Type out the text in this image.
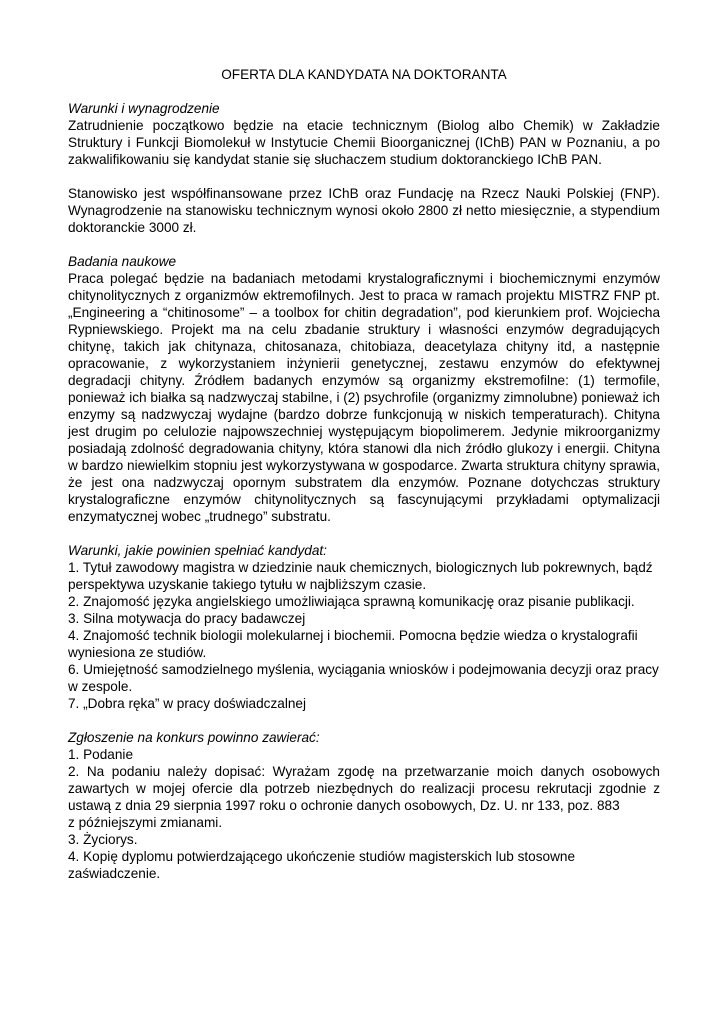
OFERTA DLA KANDYDATA NA DOKTORANTA
Warunki i wynagrodzenie
Zatrudnienie początkowo będzie na etacie technicznym (Biolog albo Chemik) w Zakładzie Struktury i Funkcji Biomolekuł w Instytucie Chemii Bioorganicznej (IChB) PAN w Poznaniu, a po zakwalifikowaniu się kandydat stanie się słuchaczem studium doktoranckiego IChB PAN.
Stanowisko jest współfinansowane przez IChB oraz Fundację na Rzecz Nauki Polskiej (FNP). Wynagrodzenie na stanowisku technicznym wynosi około 2800 zł netto miesięcznie, a stypendium doktoranckie 3000 zł.
Badania naukowe
Praca polegać będzie na badaniach metodami krystalograficznymi i biochemicznymi enzymów chitynolitycznych z organizmów ektremofilnych. Jest to praca w ramach projektu MISTRZ FNP pt. „Engineering a “chitinosome” – a toolbox for chitin degradation”, pod kierunkiem prof. Wojciecha Rypniewskiego. Projekt ma na celu zbadanie struktury i własności enzymów degradujących chitynę, takich jak chitynaza, chitosanaza, chitobiaza, deacetylaza chityny itd, a następnie opracowanie, z wykorzystaniem inżynierii genetycznej, zestawu enzymów do efektywnej degradacji chityny. Źródłem badanych enzymów są organizmy ekstremofilne: (1) termofile, ponieważ ich białka są nadzwyczaj stabilne, i (2) psychrofile (organizmy zimnolubne) ponieważ ich enzymy są nadzwyczaj wydajne (bardzo dobrze funkcjonują w niskich temperaturach). Chityna jest drugim po celulozie najpowszechniej występującym biopolimerem. Jedynie mikroorganizmy posiadają zdolność degradowania chityny, która stanowi dla nich źródło glukozy i energii. Chityna w bardzo niewielkim stopniu jest wykorzystywana w gospodarce. Zwarta struktura chityny sprawia, że jest ona nadzwyczaj opornym substratem dla enzymów. Poznane dotychczas struktury krystalograficzne enzymów chitynolitycznych są fascynującymi przykładami optymalizacji enzymatycznej wobec „trudnego” substratu.
Warunki, jakie powinien spełniać kandydat:
1. Tytuł zawodowy magistra w dziedzinie nauk chemicznych, biologicznych lub pokrewnych, bądź perspektywa uzyskanie takiego tytułu w najbliższym czasie.
2. Znajomość języka angielskiego umożliwiająca sprawną komunikację oraz pisanie publikacji.
3. Silna motywacja do pracy badawczej
4. Znajomość technik biologii molekularnej i biochemii. Pomocna będzie wiedza o krystalografii wyniesiona ze studiów.
6. Umiejętność samodzielnego myślenia, wyciągania wniosków i podejmowania decyzji oraz pracy w zespole.
7. „Dobra ręka” w pracy doświadczalnej
Zgłoszenie na konkurs powinno zawierać:
1. Podanie
2. Na podaniu należy dopisać: Wyrażam zgodę na przetwarzanie moich danych osobowych zawartych w mojej ofercie dla potrzeb niezbędnych do realizacji procesu rekrutacji zgodnie z ustawą z dnia 29 sierpnia 1997 roku o ochronie danych osobowych, Dz. U. nr 133, poz. 883
z późniejszymi zmianami.
3. Życiorys.
4. Kopię dyplomu potwierdzającego ukończenie studiów magisterskich lub stosowne zaświadczenie.
